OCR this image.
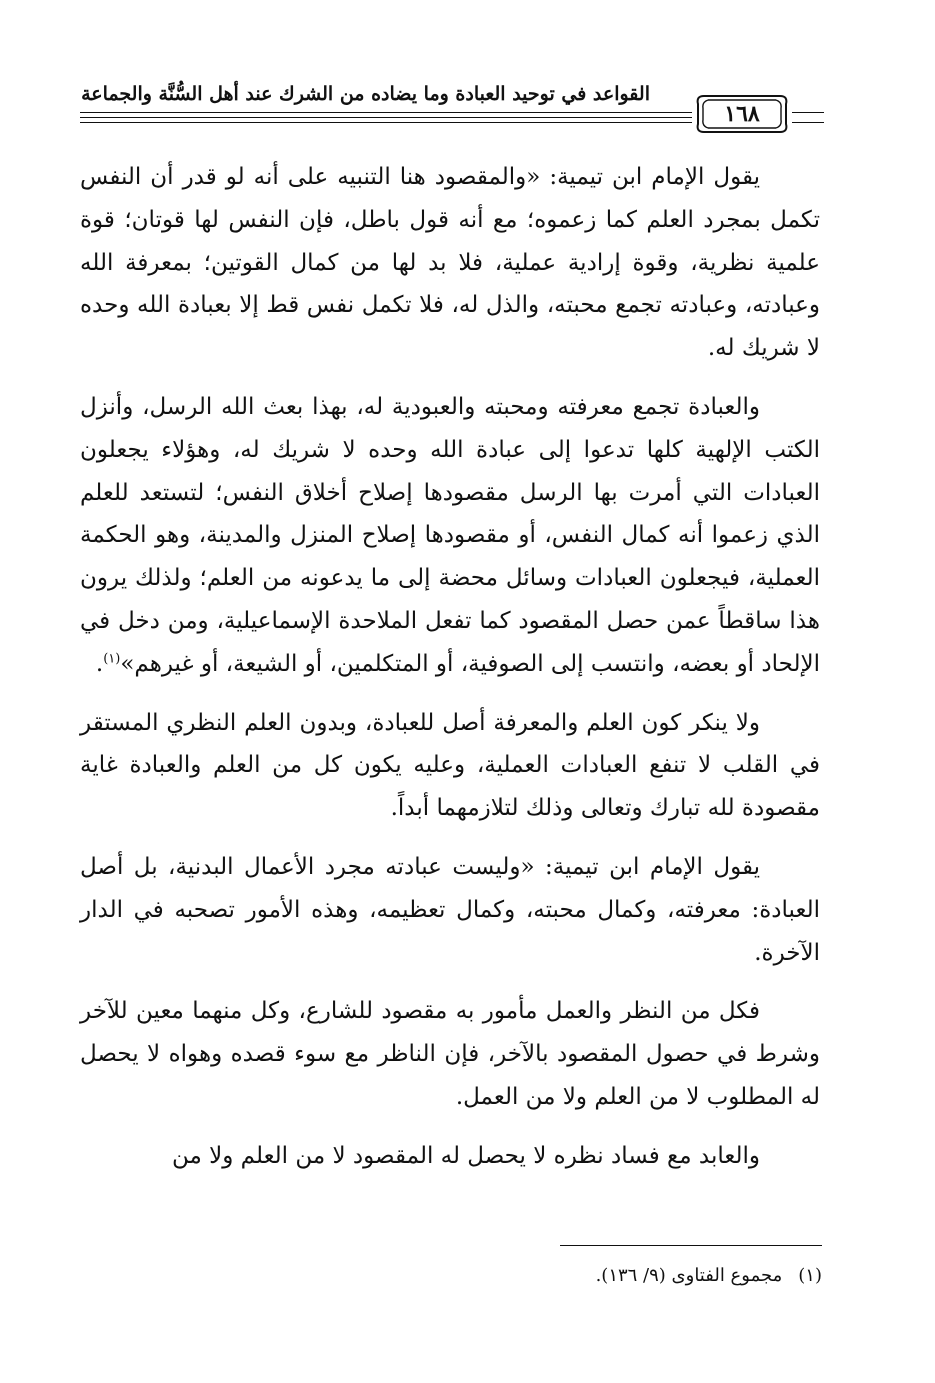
القواعد في توحيد العبادة وما يضاده من الشرك عند أهل السُّنَّة والجماعة
١٦٨

يقول الإمام ابن تيمية: «والمقصود هنا التنبيه على أنه لو قدر أن النفس تكمل بمجرد العلم كما زعموه؛ مع أنه قول باطل، فإن النفس لها قوتان؛ قوة علمية نظرية، وقوة إرادية عملية، فلا بد لها من كمال القوتين؛ بمعرفة الله وعبادته، وعبادته تجمع محبته، والذل له، فلا تكمل نفس قط إلا بعبادة الله وحده لا شريك له.

والعبادة تجمع معرفته ومحبته والعبودية له، بهذا بعث الله الرسل، وأنزل الكتب الإلهية كلها تدعوا إلى عبادة الله وحده لا شريك له، وهؤلاء يجعلون العبادات التي أمرت بها الرسل مقصودها إصلاح أخلاق النفس؛ لتستعد للعلم الذي زعموا أنه كمال النفس، أو مقصودها إصلاح المنزل والمدينة، وهو الحكمة العملية، فيجعلون العبادات وسائل محضة إلى ما يدعونه من العلم؛ ولذلك يرون هذا ساقطاً عمن حصل المقصود كما تفعل الملاحدة الإسماعيلية، ومن دخل في الإلحاد أو بعضه، وانتسب إلى الصوفية، أو المتكلمين، أو الشيعة، أو غيرهم»$^{(١)}$.

ولا ينكر كون العلم والمعرفة أصل للعبادة، وبدون العلم النظري المستقر في القلب لا تنفع العبادات العملية، وعليه يكون كل من العلم والعبادة غاية مقصودة لله تبارك وتعالى وذلك لتلازمهما أبداً.

يقول الإمام ابن تيمية: «وليست عبادته مجرد الأعمال البدنية، بل أصل العبادة: معرفته، وكمال محبته، وكمال تعظيمه، وهذه الأمور تصحبه في الدار الآخرة.

فكل من النظر والعمل مأمور به مقصود للشارع، وكل منهما معين للآخر وشرط في حصول المقصود بالآخر، فإن الناظر مع سوء قصده وهواه لا يحصل له المطلوب لا من العلم ولا من العمل.

والعابد مع فساد نظره لا يحصل له المقصود لا من العلم ولا من

(١)مجموع الفتاوى (٩/ ١٣٦).
